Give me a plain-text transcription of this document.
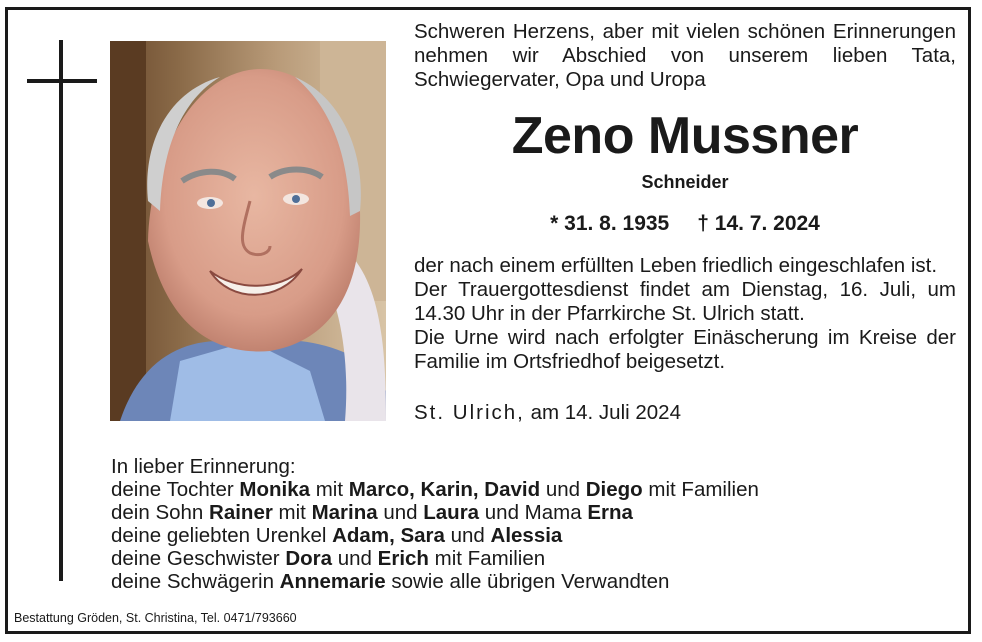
Schweren Herzens, aber mit vielen schönen Erinnerungen nehmen wir Abschied von unserem lieben Tata, Schwiegervater, Opa und Uropa

Zeno Mussner
Schneider
* 31. 8. 1935 † 14. 7. 2024

der nach einem erfüllten Leben friedlich eingeschlafen ist.

Der Trauergottesdienst findet am Dienstag, 16. Juli, um 14.30 Uhr in der Pfarrkirche St. Ulrich statt.

Die Urne wird nach erfolgter Einäscherung im Kreise der Familie im Ortsfriedhof beigesetzt.

St. Ulrich, am 14. Juli 2024
In lieber Erinnerung:
deine Tochter Monika mit Marco, Karin, David und Diego mit Familien
dein Sohn Rainer mit Marina und Laura und Mama Erna
deine geliebten Urenkel Adam, Sara und Alessia
deine Geschwister Dora und Erich mit Familien
deine Schwägerin Annemarie sowie alle übrigen Verwandten
Bestattung Gröden, St. Christina, Tel. 0471/793660
